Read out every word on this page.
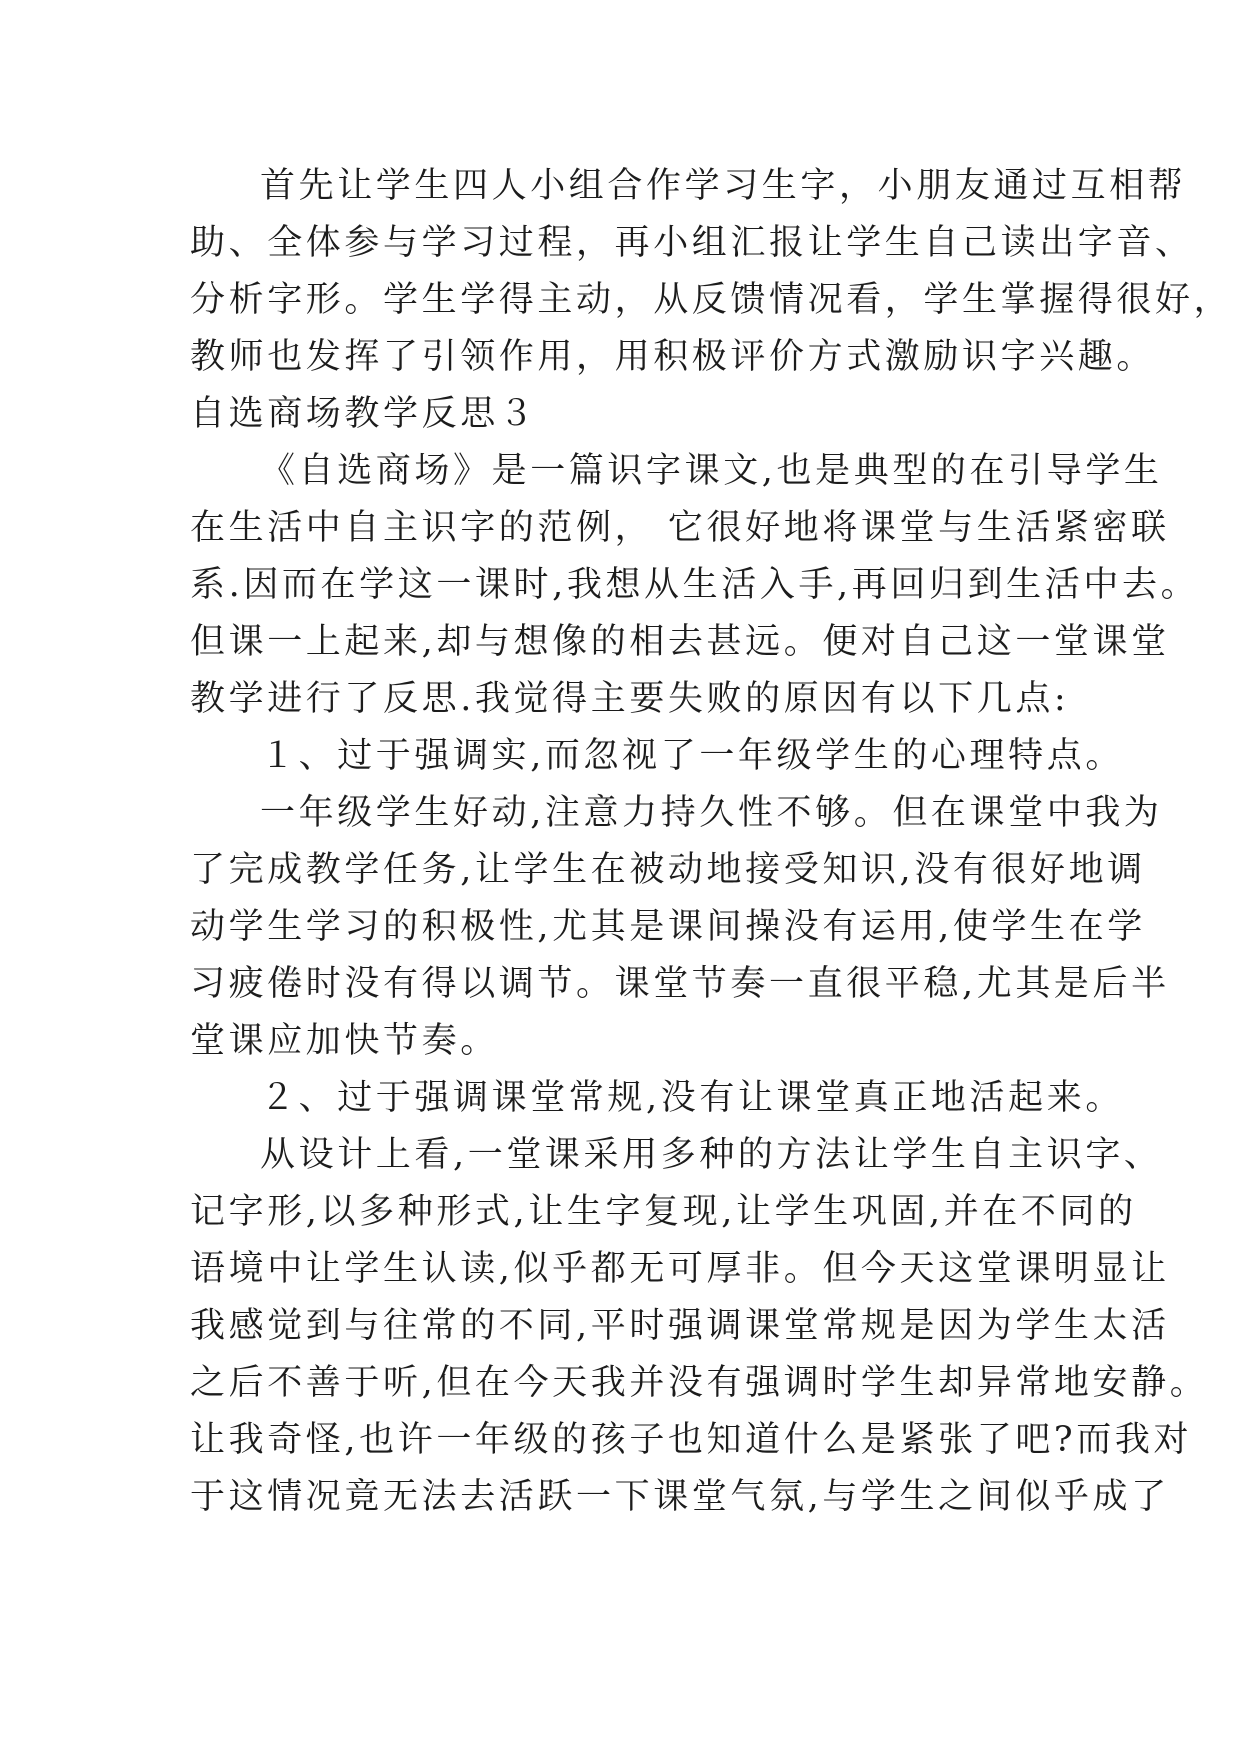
首先让学生四人小组合作学习生字，小朋友通过互相帮
助、全体参与学习过程，再小组汇报让学生自己读出字音、
分析字形。学生学得主动，从反馈情况看，学生掌握得很好，
教师也发挥了引领作用，用积极评价方式激励识字兴趣。
自选商场教学反思３
《自选商场》是一篇识字课文,也是典型的在引导学生
在生活中自主识字的范例， 它很好地将课堂与生活紧密联
系.因而在学这一课时,我想从生活入手,再回归到生活中去。
但课一上起来,却与想像的相去甚远。便对自己这一堂课堂
教学进行了反思.我觉得主要失败的原因有以下几点:
１、过于强调实,而忽视了一年级学生的心理特点。
一年级学生好动,注意力持久性不够。但在课堂中我为
了完成教学任务,让学生在被动地接受知识,没有很好地调
动学生学习的积极性,尤其是课间操没有运用,使学生在学
习疲倦时没有得以调节。课堂节奏一直很平稳,尤其是后半
堂课应加快节奏。
２、过于强调课堂常规,没有让课堂真正地活起来。
从设计上看,一堂课采用多种的方法让学生自主识字、
记字形,以多种形式,让生字复现,让学生巩固,并在不同的
语境中让学生认读,似乎都无可厚非。但今天这堂课明显让
我感觉到与往常的不同,平时强调课堂常规是因为学生太活
之后不善于听,但在今天我并没有强调时学生却异常地安静。
让我奇怪,也许一年级的孩子也知道什么是紧张了吧?而我对
于这情况竟无法去活跃一下课堂气氛,与学生之间似乎成了
